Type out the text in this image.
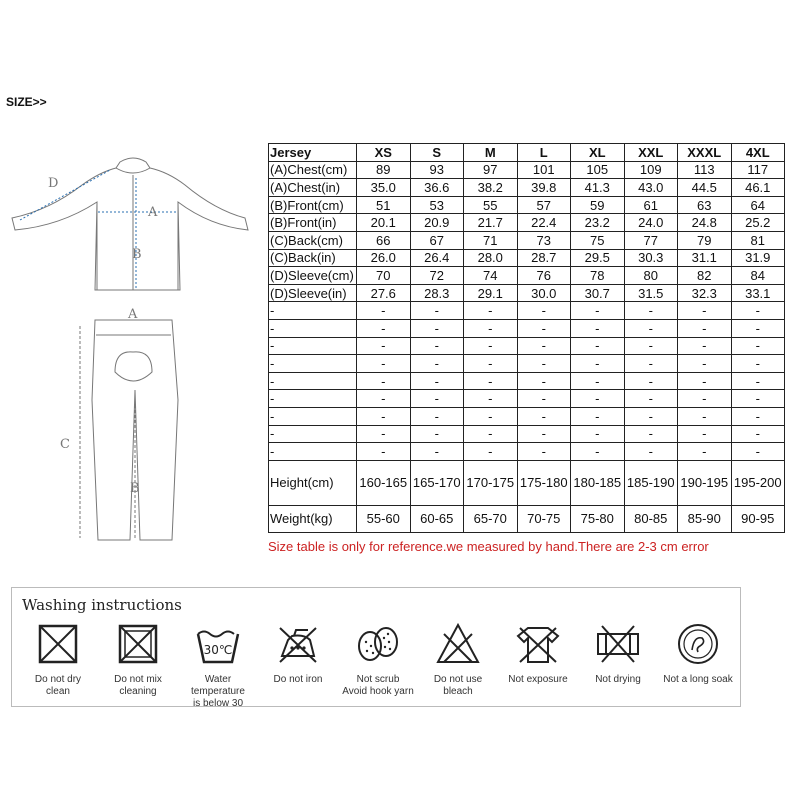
SIZE>>
D
A
B
A
C
B
Jersey	XS	S	M	L	XL	XXL	XXXL	4XL
(A)Chest(cm)	89	93	97	101	105	109	113	117
(A)Chest(in)	35.0	36.6	38.2	39.8	41.3	43.0	44.5	46.1
(B)Front(cm)	51	53	55	57	59	61	63	64
(B)Front(in)	20.1	20.9	21.7	22.4	23.2	24.0	24.8	25.2
(C)Back(cm)	66	67	71	73	75	77	79	81
(C)Back(in)	26.0	26.4	28.0	28.7	29.5	30.3	31.1	31.9
(D)Sleeve(cm)	70	72	74	76	78	80	82	84
(D)Sleeve(in)	27.6	28.3	29.1	30.0	30.7	31.5	32.3	33.1
-	-	-	-	-	-	-	-	-
-	-	-	-	-	-	-	-	-
-	-	-	-	-	-	-	-	-
-	-	-	-	-	-	-	-	-
-	-	-	-	-	-	-	-	-
-	-	-	-	-	-	-	-	-
-	-	-	-	-	-	-	-	-
-	-	-	-	-	-	-	-	-
-	-	-	-	-	-	-	-	-
Height(cm)	160-165	165-170	170-175	175-180	180-185	185-190	190-195	195-200
Weight(kg)	55-60	60-65	65-70	70-75	75-80	80-85	85-90	90-95
Size table is only for reference.we measured by hand.There are 2-3 cm error
Washing instructions
Do not dry
clean
Do not mix
cleaning
30℃
Water temperature
is below 30
Do not iron	Not scrub
Avoid hook yarn
Do not use
bleach
Not exposure	Not drying	Not a long soak
